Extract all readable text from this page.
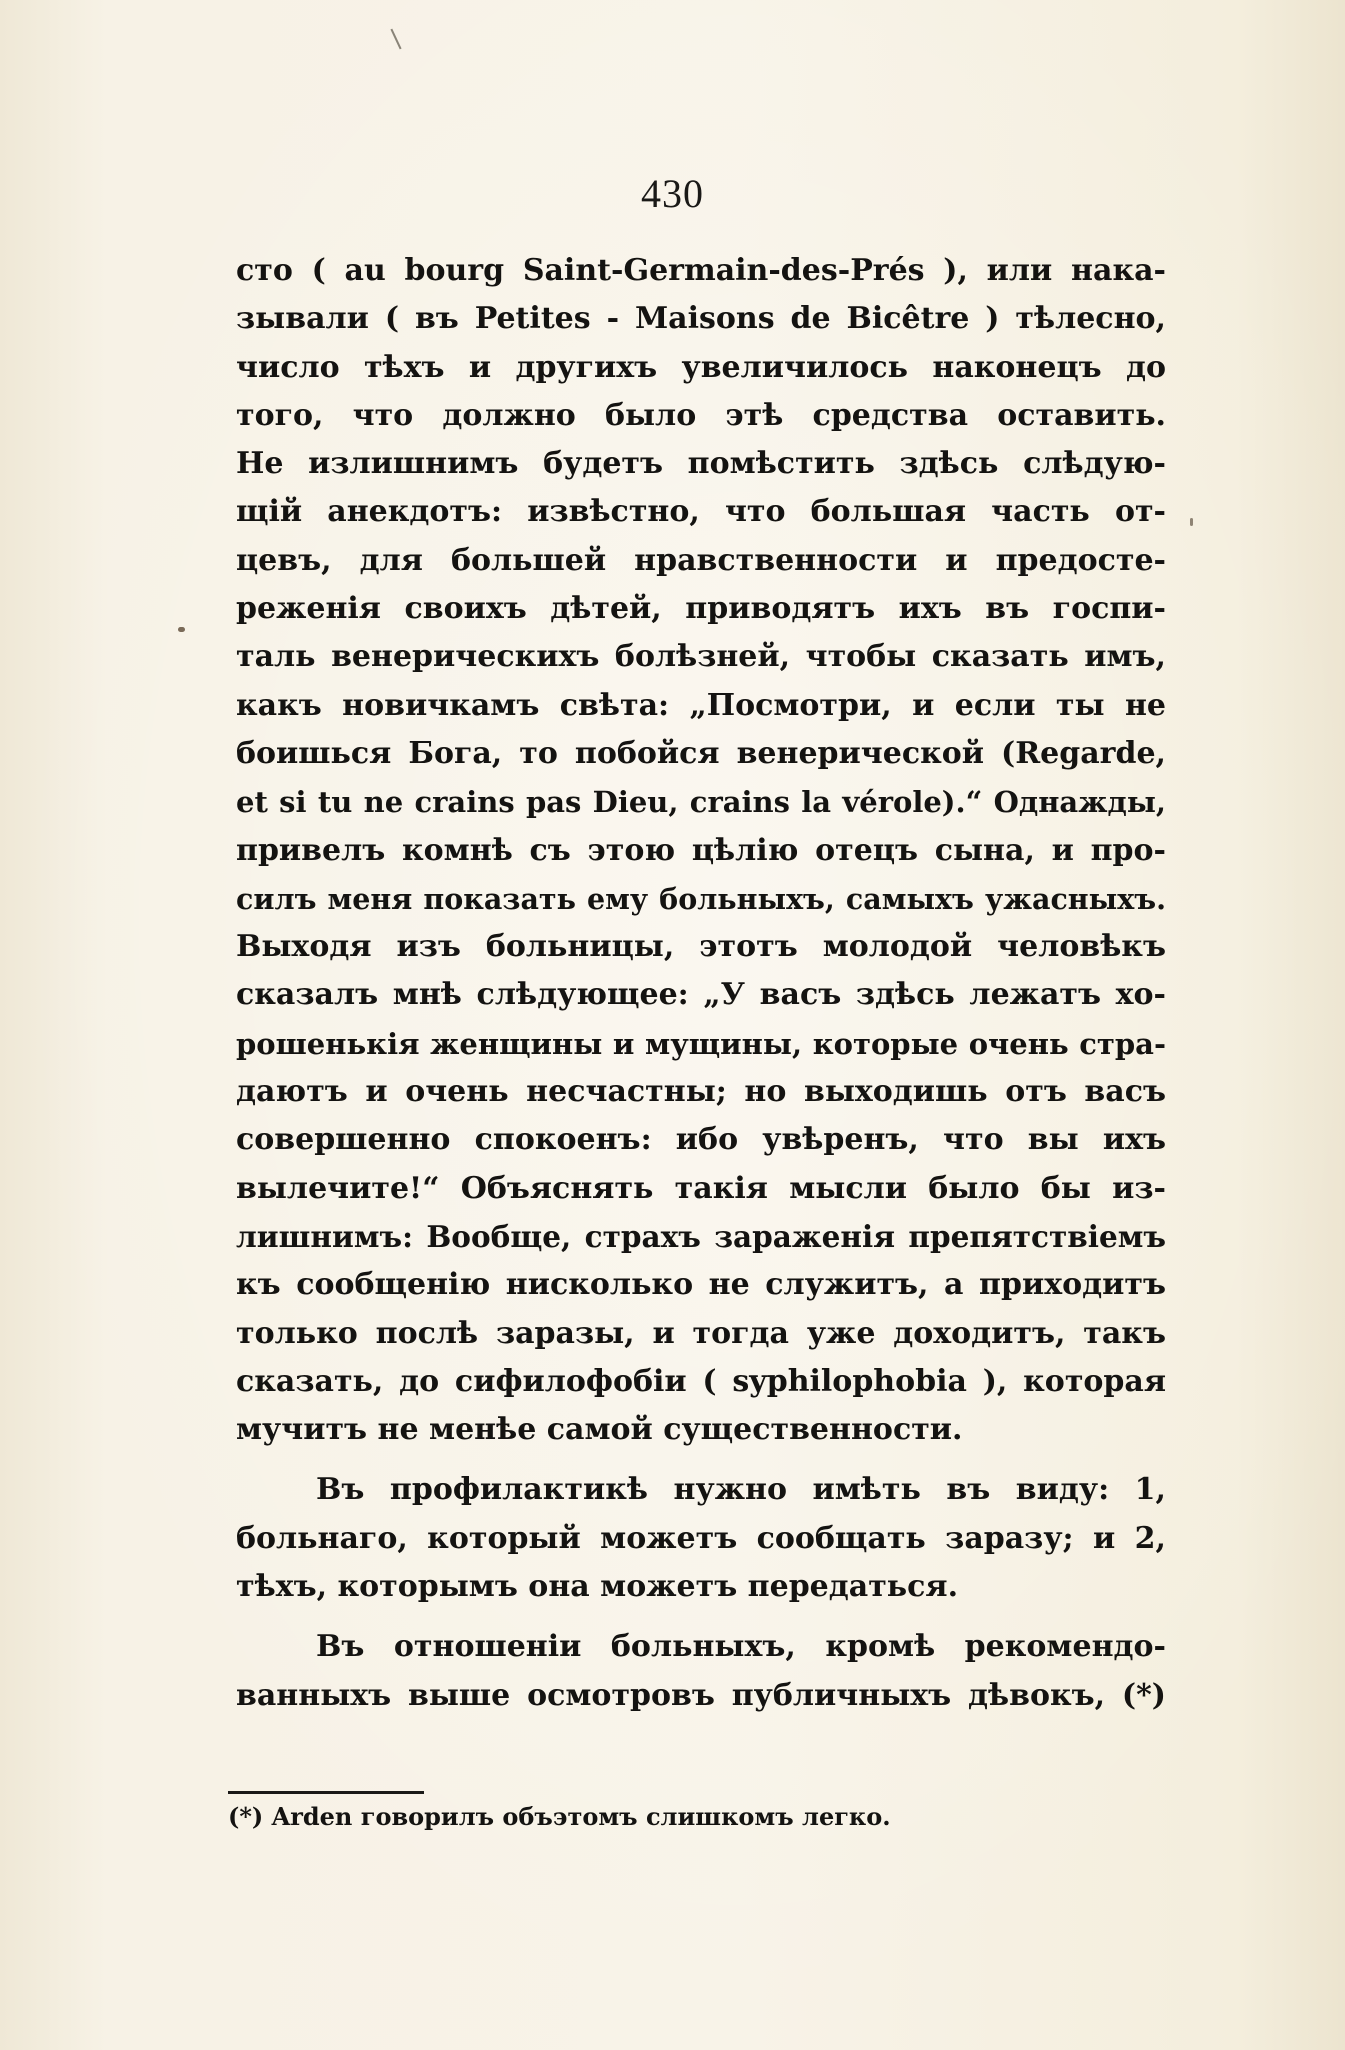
430
сто ( au bourg Saint-Germain-des-Prés ), или нака-
зывали ( въ Petites - Maisons de Bicêtre ) тѣлесно,
число тѣхъ и другихъ увеличилось наконецъ до
того, что должно было этѣ средства оставить.
Не излишнимъ будетъ помѣстить здѣсь слѣдую-
щій анекдотъ: извѣстно, что большая часть от-
цевъ, для большей нравственности и предосте-
реженія своихъ дѣтей, приводятъ ихъ въ госпи-
таль венерическихъ болѣзней, чтобы сказать имъ,
какъ новичкамъ свѣта: „Посмотри, и если ты не
боишься Бога, то побойся венерической (Regarde,
et si tu ne crains pas Dieu, crains la vérole).“ Однажды,
привелъ комнѣ съ этою цѣлію отецъ сына, и про-
силъ меня показать ему больныхъ, самыхъ ужасныхъ.
Выходя изъ больницы, этотъ молодой человѣкъ
сказалъ мнѣ слѣдующее: „У васъ здѣсь лежатъ хо-
рошенькія женщины и мущины, которые очень стра-
даютъ и очень несчастны; но выходишь отъ васъ
совершенно спокоенъ: ибо увѣренъ, что вы ихъ
вылечите!“ Объяснять такія мысли было бы из-
лишнимъ: Вообще, страхъ зараженія препятствіемъ
къ сообщенію нисколько не служитъ, а приходитъ
только послѣ заразы, и тогда уже доходитъ, такъ
сказать, до сифилофобіи ( syphilophobia ), которая
мучитъ не менѣе самой существенности.
Въ профилактикѣ нужно имѣть въ виду: 1,
больнаго, который можетъ сообщать заразу; и 2,
тѣхъ, которымъ она можетъ передаться.
Въ отношеніи больныхъ, кромѣ рекомендо-
ванныхъ выше осмотровъ публичныхъ дѣвокъ, (*)
(*) Arden говорилъ объэтомъ слишкомъ легко.
